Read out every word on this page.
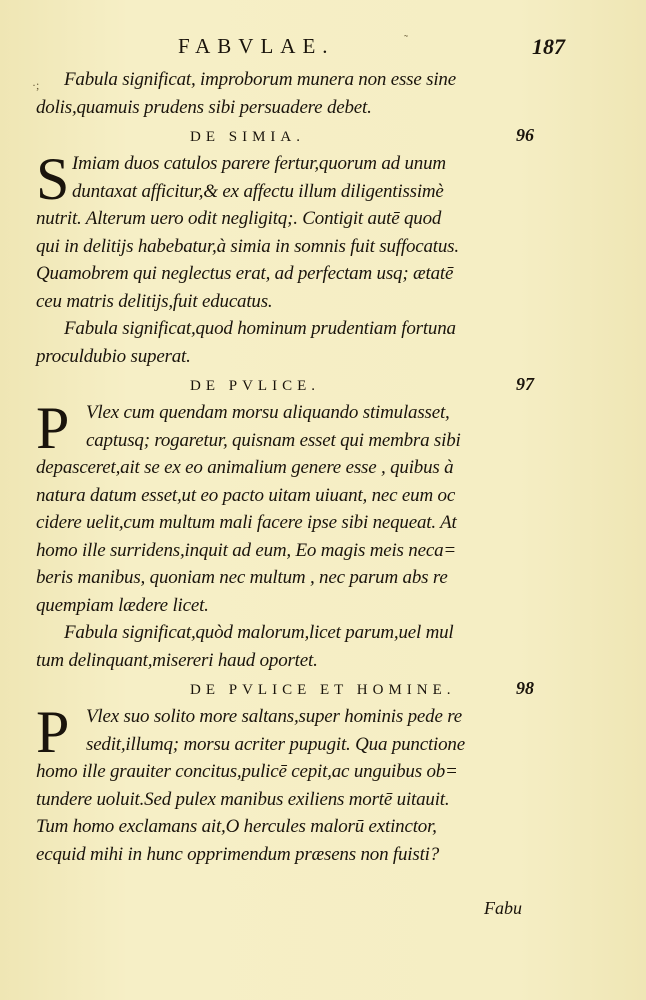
FABVLAE.	187
˜
·;	Fabula significat, improborum munera non esse sine
dolis,quamuis prudens sibi persuadere debet.
DE SIMIA.	96
S Imiam duos catulos parere fertur,quorum ad unum
duntaxat afficitur,& ex affectu illum diligentissimè
nutrit. Alterum uero odit negligitq;. Contigit autē quod
qui in delitijs habebatur,à simia in somnis fuit suffocatus.
Quamobrem qui neglectus erat, ad perfectam usq; ætatē
ceu matris delitijs,fuit educatus.
Fabula significat,quod hominum prudentiam fortuna
proculdubio superat.
DE PVLICE.	97
P Vlex cum quendam morsu aliquando stimulasset,
captusq; rogaretur, quisnam esset qui membra sibi
depasceret,ait se ex eo animalium genere esse , quibus à
natura datum esset,ut eo pacto uitam uiuant, nec eum oc
cidere uelit,cum multum mali facere ipse sibi nequeat. At
homo ille surridens,inquit ad eum, Eo magis meis neca=
beris manibus, quoniam nec multum , nec parum abs re
quempiam lædere licet.
Fabula significat,quòd malorum,licet parum,uel mul
tum delinquant,misereri haud oportet.
DE PVLICE ET HOMINE.	98
P Vlex suo solito more saltans,super hominis pede re
sedit,illumq; morsu acriter pupugit. Qua punctione
homo ille grauiter concitus,pulicē cepit,ac unguibus ob=
tundere uoluit.Sed pulex manibus exiliens mortē uitauit.
Tum homo exclamans ait,O hercules malorū extinctor,
ecquid mihi in hunc opprimendum præsens non fuisti?
Fabu
